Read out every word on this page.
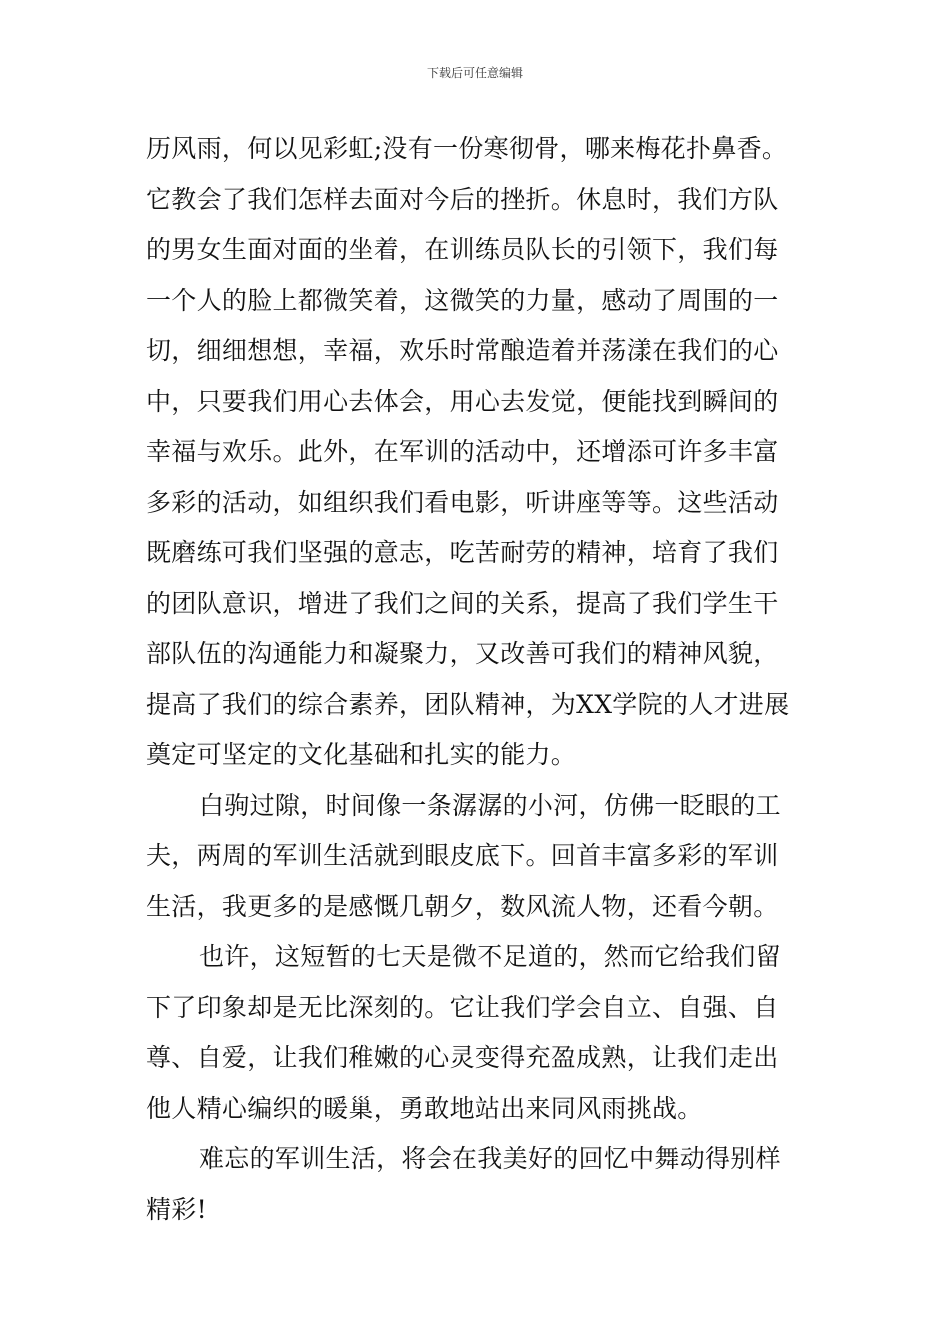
下载后可任意编辑
历风雨，何以见彩虹;没有一份寒彻骨，哪来梅花扑鼻香。
它教会了我们怎样去面对今后的挫折。休息时，我们方队
的男女生面对面的坐着，在训练员队长的引领下，我们每
一个人的脸上都微笑着，这微笑的力量，感动了周围的一
切，细细想想，幸福，欢乐时常酿造着并荡漾在我们的心
中，只要我们用心去体会，用心去发觉，便能找到瞬间的
幸福与欢乐。此外，在军训的活动中，还增添可许多丰富
多彩的活动，如组织我们看电影，听讲座等等。这些活动
既磨练可我们坚强的意志，吃苦耐劳的精神，培育了我们
的团队意识，增进了我们之间的关系，提高了我们学生干
部队伍的沟通能力和凝聚力，又改善可我们的精神风貌，
提高了我们的综合素养，团队精神，为XX学院的人才进展
奠定可坚定的文化基础和扎实的能力。
白驹过隙，时间像一条潺潺的小河，仿佛一眨眼的工
夫，两周的军训生活就到眼皮底下。回首丰富多彩的军训
生活，我更多的是感慨几朝夕，数风流人物，还看今朝。
也许，这短暂的七天是微不足道的，然而它给我们留
下了印象却是无比深刻的。它让我们学会自立、自强、自
尊、自爱，让我们稚嫩的心灵变得充盈成熟，让我们走出
他人精心编织的暖巢，勇敢地站出来同风雨挑战。
难忘的军训生活，将会在我美好的回忆中舞动得别样
精彩!
